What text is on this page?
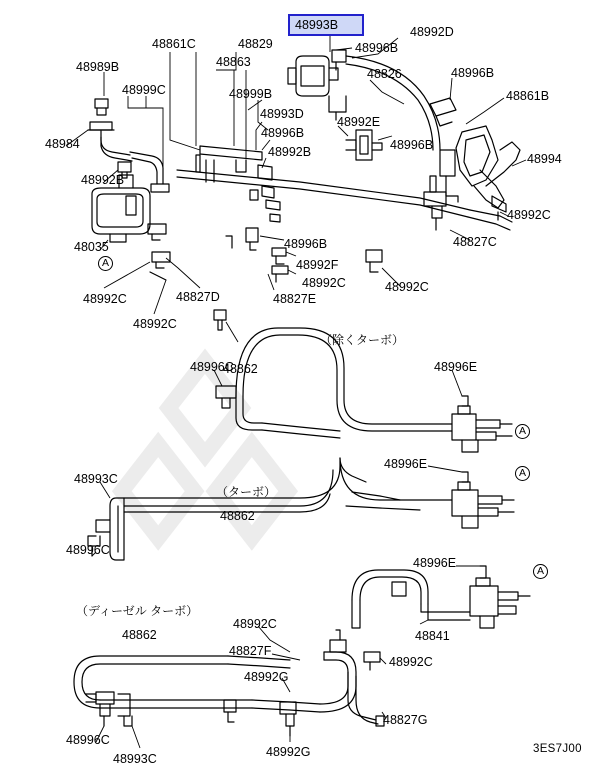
48993B
48989B
48861C	48829	48996B
48992D
48863
48826	48996B
48999C	48999B	48861B
48984
48993D
48992E
48996B
48996B
48994
48992B
48992B
48992C
48035	48827C
48996B
48992F
48992C	48992C
48992C	48827D	48827E
48992C
48996C
48862	48996E
48996E
48993C
48862
48996C
48996E
48862
48992C
48841
48827F
48992C
48992G
48827G
48996C
48993C	48992G
（除くターボ）
（ターボ）
（ディーゼル ターボ）
A
A
A
A
3ES7J00
